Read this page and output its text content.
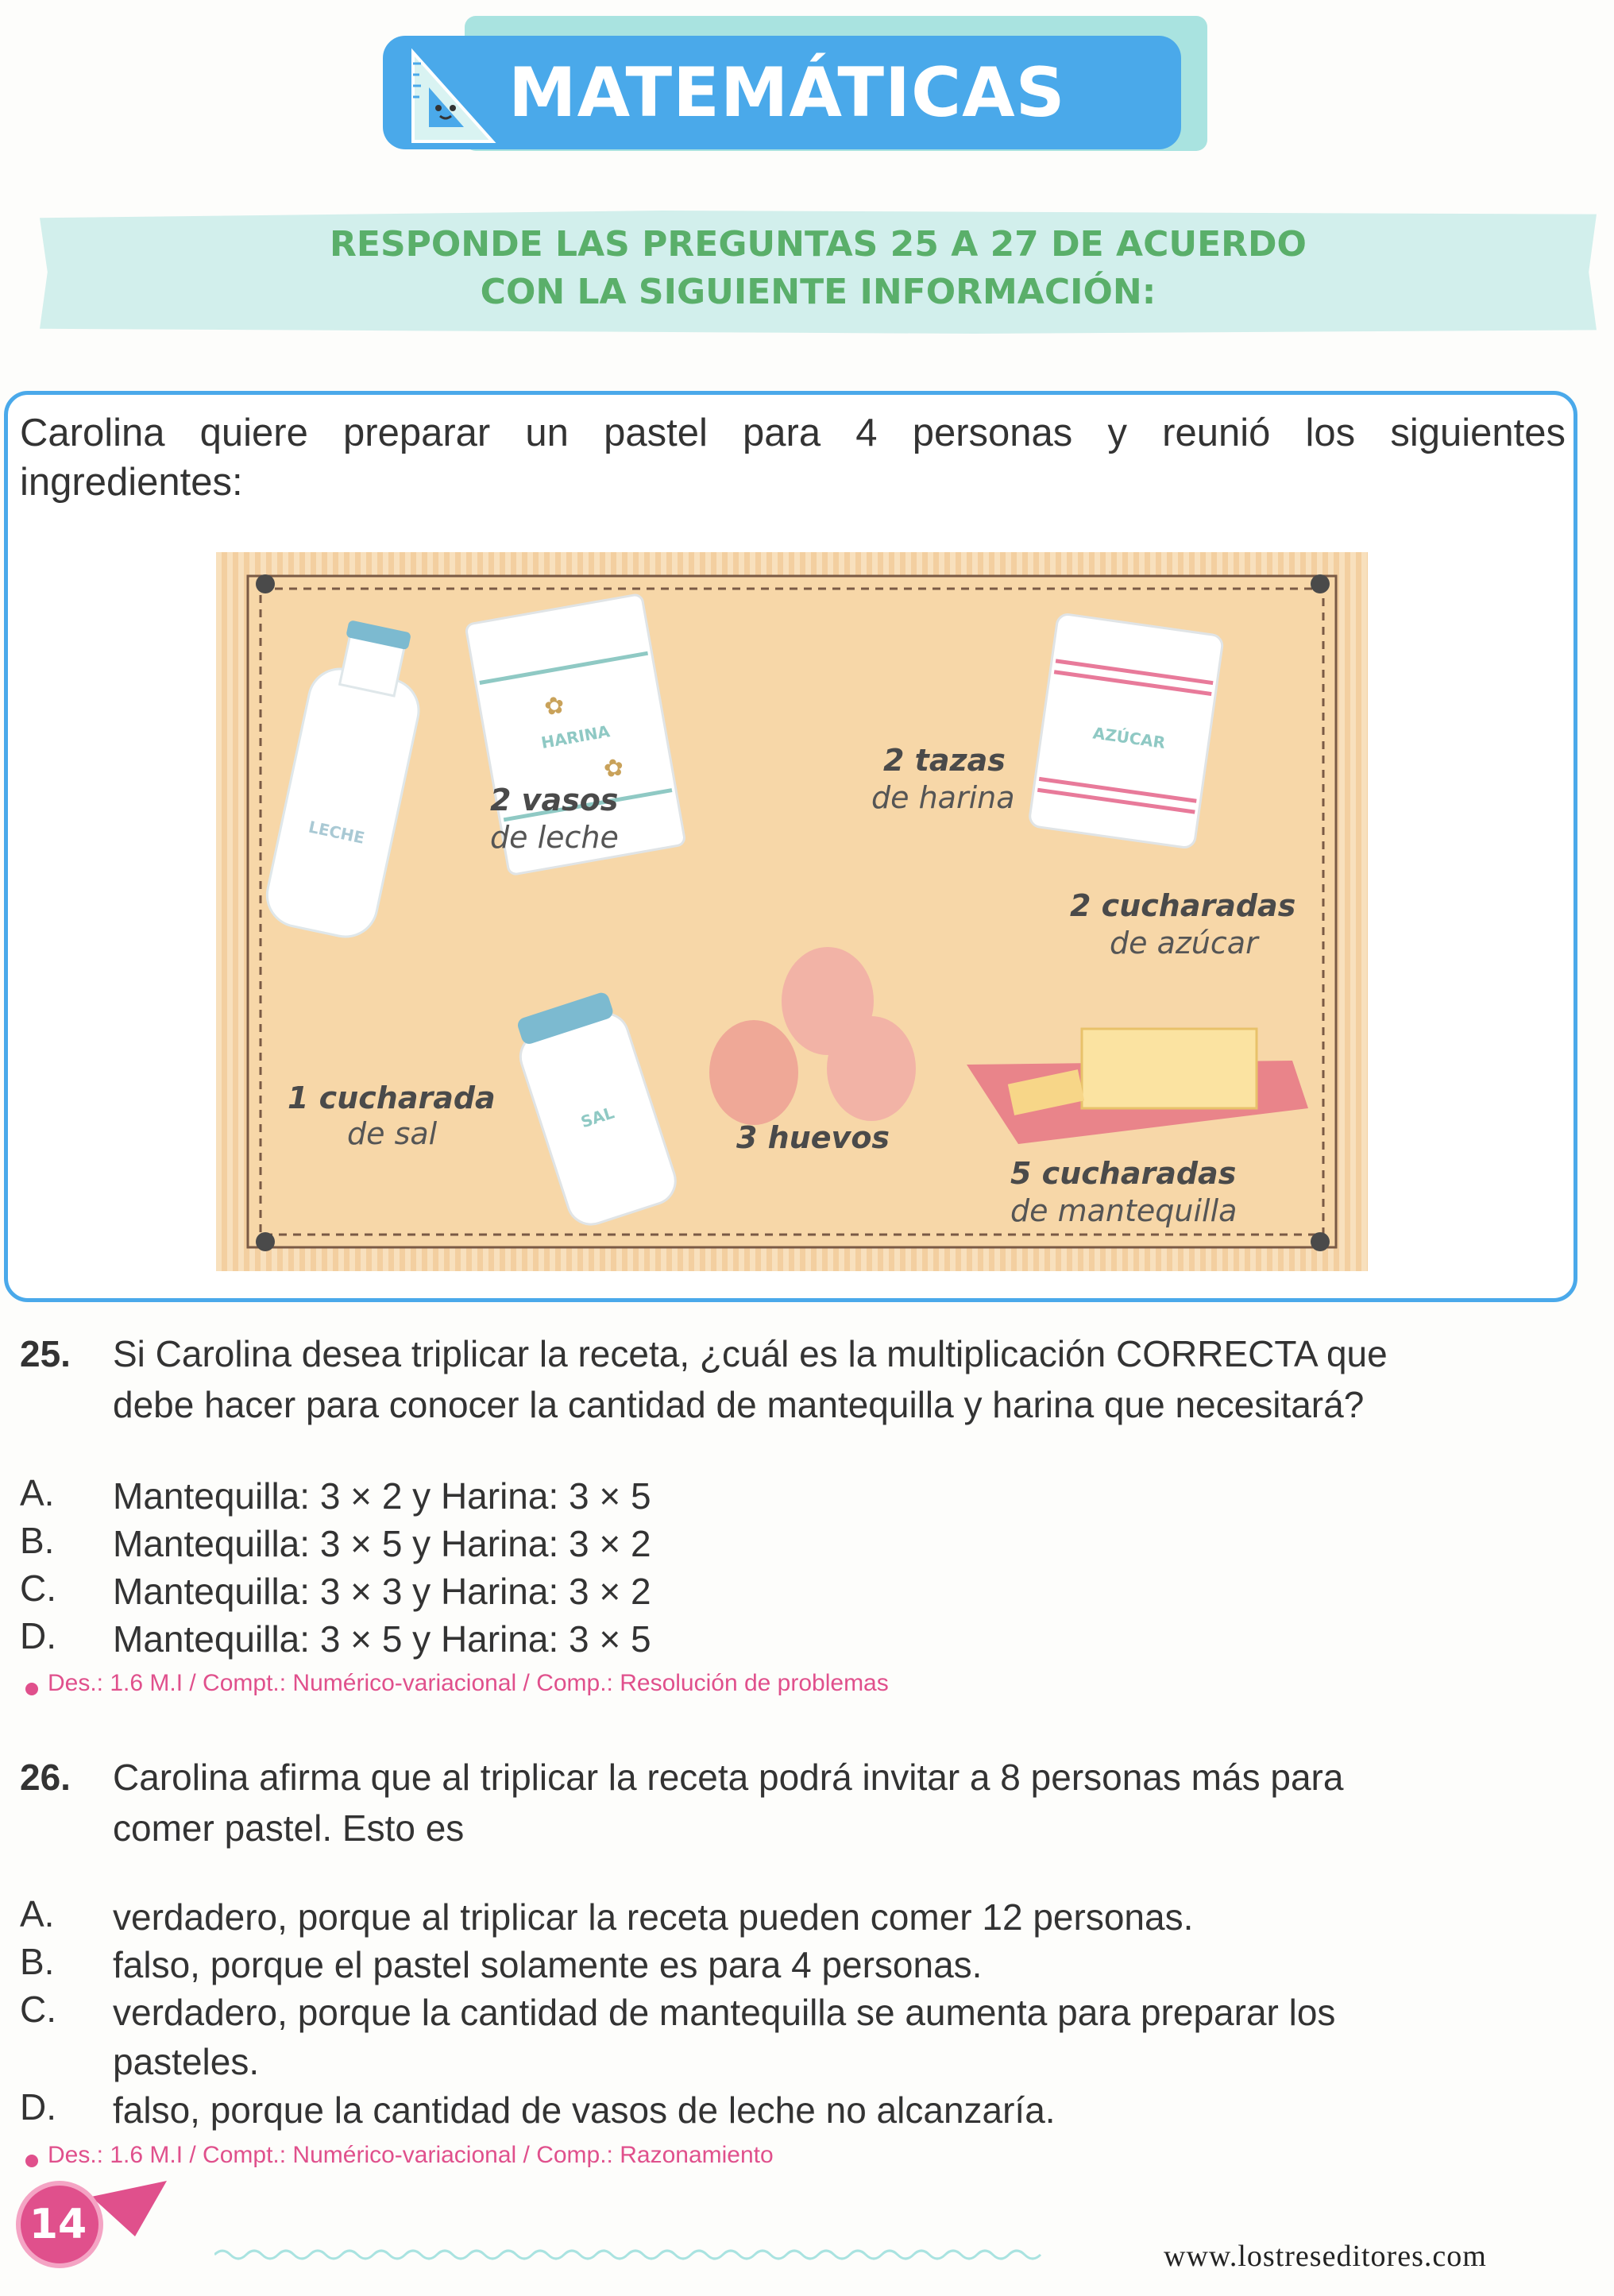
MATEMÁTICAS
RESPONDE LAS PREGUNTAS 25 A 27 DE ACUERDO
CON LA SIGUIENTE INFORMACIÓN:
Carolina quiere preparar un pastel para 4 personas y reunió los siguientes
ingredientes:
LECHE
HARINA
✿
✿
AZÚCAR
SAL
2 vasos
de leche
2 tazas
de harina
2 cucharadas
de azúcar
1 cucharada
de sal	3 huevos
5 cucharadas
de mantequilla
25. Si Carolina desea triplicar la receta, ¿cuál es la multiplicación CORRECTA que
debe hacer para conocer la cantidad de mantequilla y harina que necesitará?
A. Mantequilla: 3 × 2 y Harina: 3 × 5
B. Mantequilla: 3 × 5 y Harina: 3 × 2
C. Mantequilla: 3 × 3 y Harina: 3 × 2
D. Mantequilla: 3 × 5 y Harina: 3 × 5
Des.: 1.6 M.I / Compt.: Numérico-variacional / Comp.: Resolución de problemas
26. Carolina afirma que al triplicar la receta podrá invitar a 8 personas más para
comer pastel. Esto es
A. verdadero, porque al triplicar la receta pueden comer 12 personas.
B. falso, porque el pastel solamente es para 4 personas.
C. verdadero, porque la cantidad de mantequilla se aumenta para preparar los
pasteles.
D. falso, porque la cantidad de vasos de leche no alcanzaría.
Des.: 1.6 M.I / Compt.: Numérico-variacional / Comp.: Razonamiento
14
www.lostreseditores.com
